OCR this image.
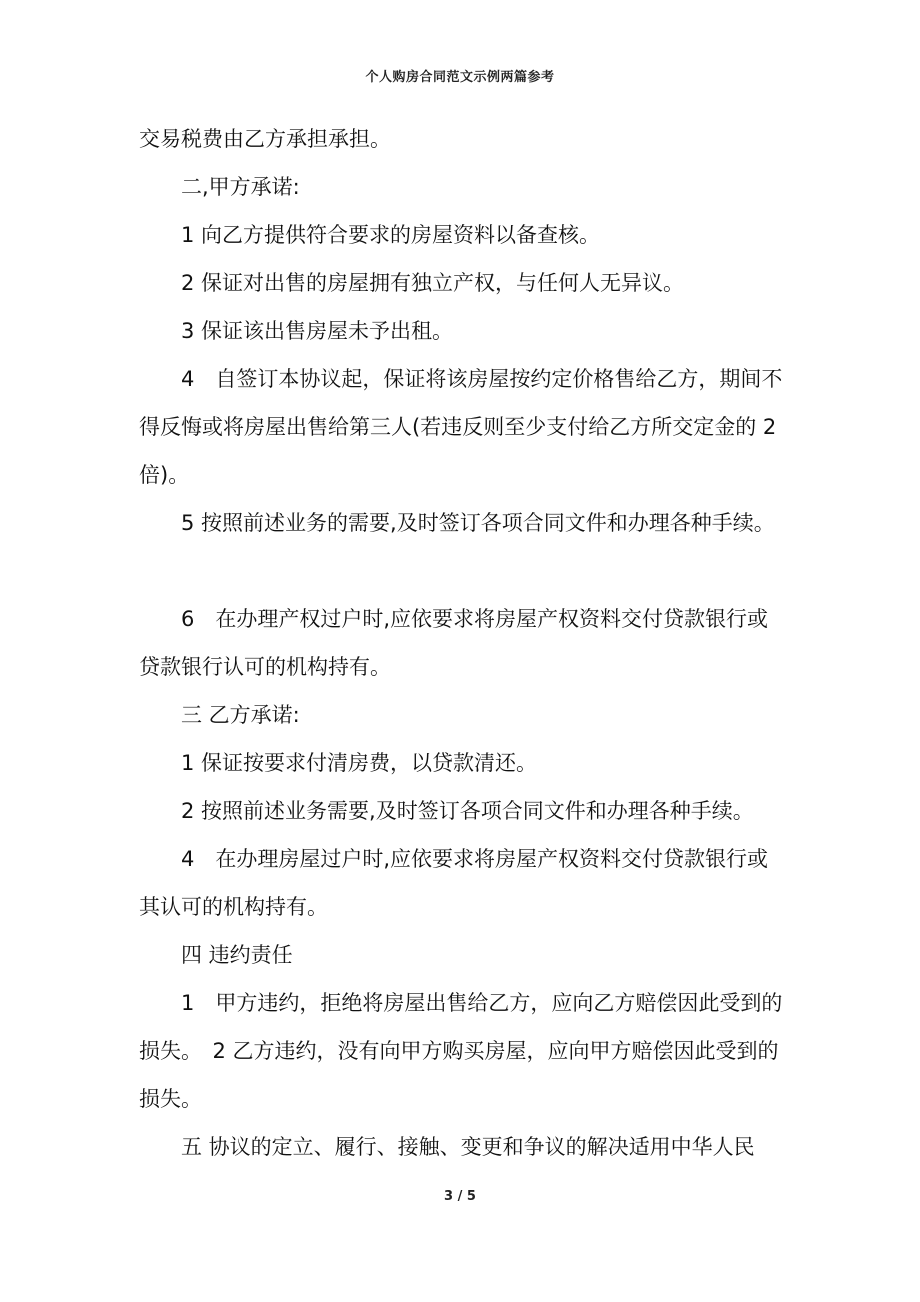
个人购房合同范文示例两篇参考

交易税费由乙方承担承担。

二,甲方承诺:

1 向乙方提供符合要求的房屋资料以备查核。

2 保证对出售的房屋拥有独立产权，与任何人无异议。

3 保证该出售房屋未予出租。

4　自签订本协议起，保证将该房屋按约定价格售给乙方，期间不得反悔或将房屋出售给第三人(若违反则至少支付给乙方所交定金的 2 倍)。

5 按照前述业务的需要,及时签订各项合同文件和办理各种手续。

6　在办理产权过户时,应依要求将房屋产权资料交付贷款银行或贷款银行认可的机构持有。

三 乙方承诺:

1 保证按要求付清房费，以贷款清还。

2 按照前述业务需要,及时签订各项合同文件和办理各种手续。

4　在办理房屋过户时,应依要求将房屋产权资料交付贷款银行或其认可的机构持有。

四 违约责任

1　甲方违约，拒绝将房屋出售给乙方，应向乙方赔偿因此受到的损失。　2 乙方违约，没有向甲方购买房屋，应向甲方赔偿因此受到的损失。

五 协议的定立、履行、接触、变更和争议的解决适用中华人民

3 / 5
